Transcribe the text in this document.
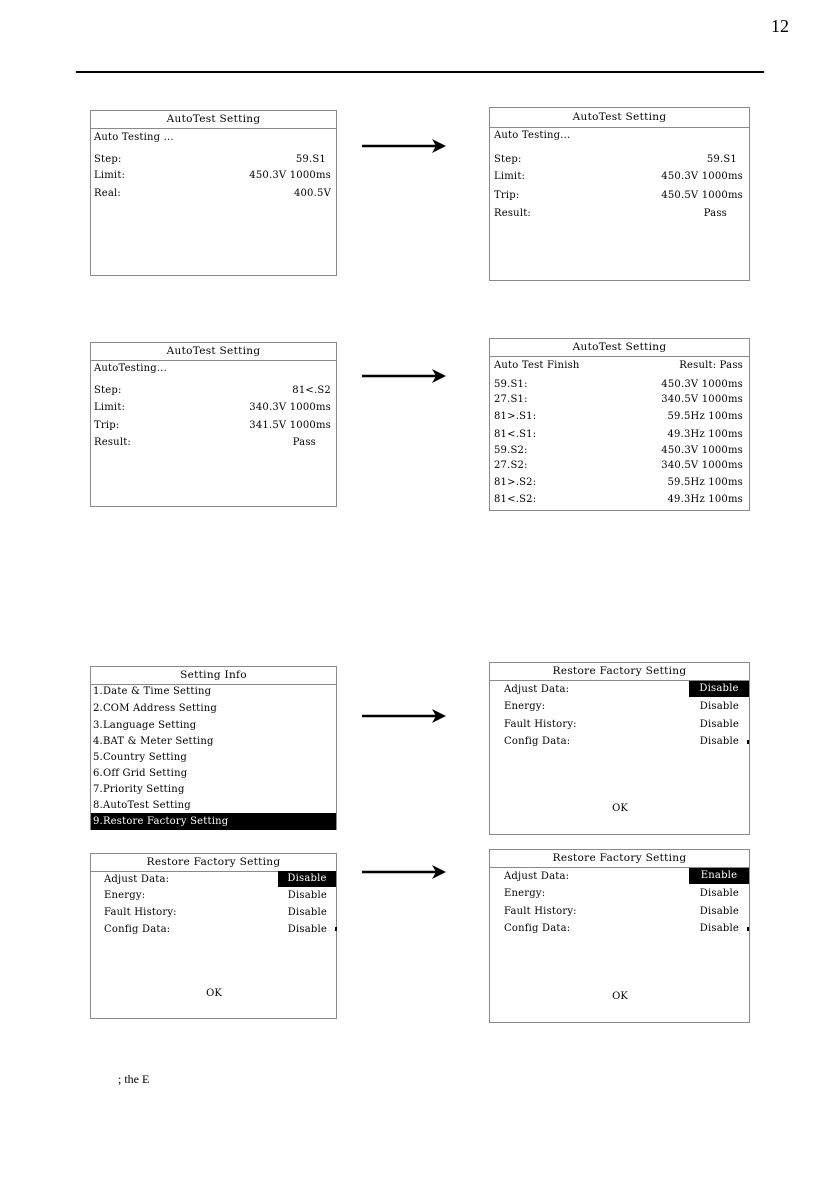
12
AutoTest Setting
Auto Testing ...
Step:	59.S1
Limit:	450.3V 1000ms
Real:	400.5V
AutoTest Setting
Auto Testing...
Step:	59.S1
Limit:	450.3V 1000ms
Trip:	450.5V 1000ms
Result:	Pass
AutoTest Setting
AutoTesting...
Step:	81<.S2
Limit:	340.3V 1000ms
Trip:	341.5V 1000ms
Result:	Pass
AutoTest Setting
Auto Test Finish	Result: Pass
59.S1:	450.3V 1000ms
27.S1:	340.5V 1000ms
81>.S1:	59.5Hz 100ms
81<.S1:	49.3Hz 100ms
59.S2:	450.3V 1000ms
27.S2:	340.5V 1000ms
81>.S2:	59.5Hz 100ms
81<.S2:	49.3Hz 100ms
Setting Info
1.Date & Time Setting
2.COM Address Setting
3.Language Setting
4.BAT & Meter Setting
5.Country Setting
6.Off Grid Setting
7.Priority Setting
8.AutoTest Setting
9.Restore Factory Setting
Restore Factory Setting
Adjust Data:	Disable
Energy:	Disable
Fault History:	Disable
Config Data:	Disable
OK
Restore Factory Setting
Adjust Data:	Disable
Energy:	Disable
Fault History:	Disable
Config Data:	Disable
OK
Restore Factory Setting
Adjust Data:	Enable
Energy:	Disable
Fault History:	Disable
Config Data:	Disable
OK
; the E
